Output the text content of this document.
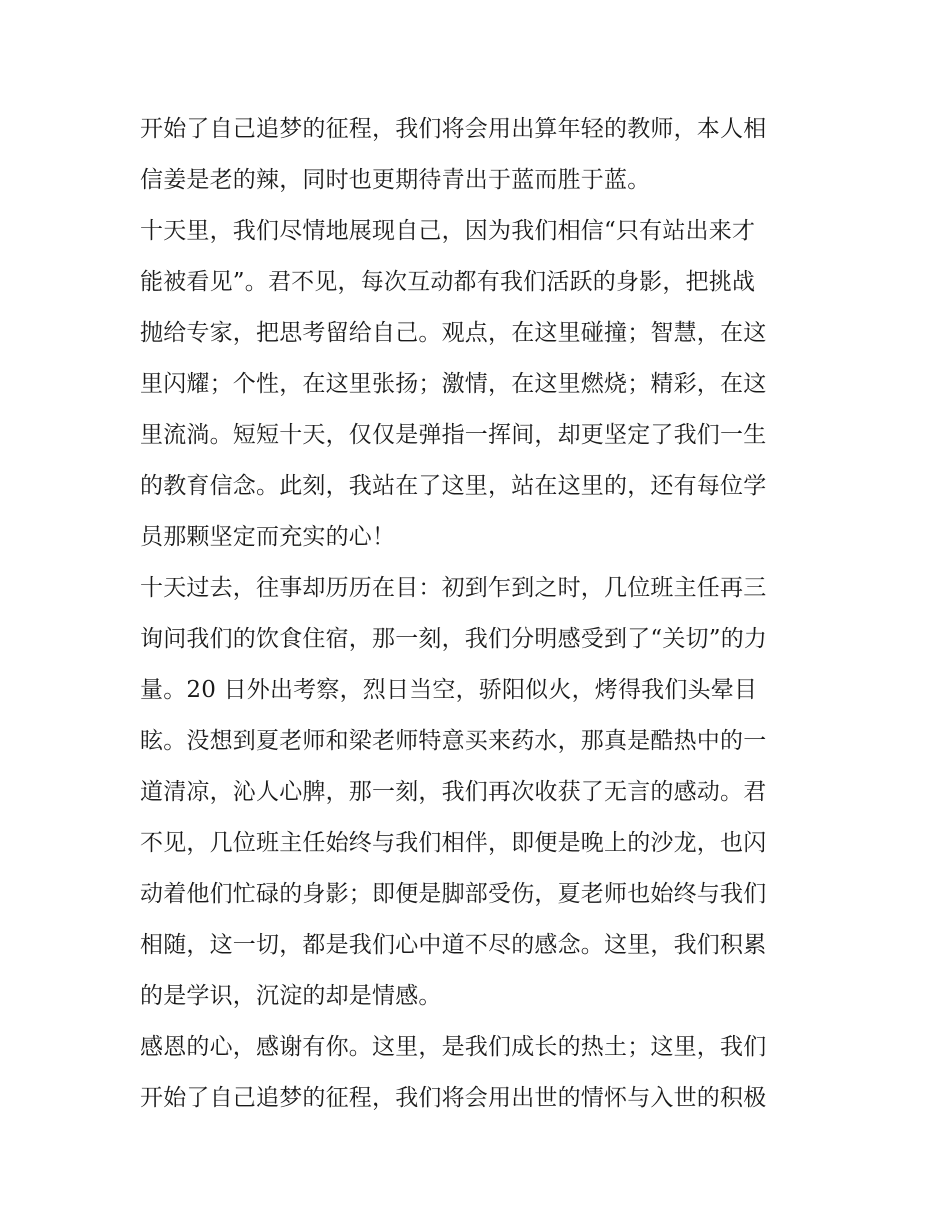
开始了自己追梦的征程，我们将会用出算年轻的教师，本人相
信姜是老的辣，同时也更期待青出于蓝而胜于蓝。

十天里，我们尽情地展现自己，因为我们相信“只有站出来才
能被看见”。君不见，每次互动都有我们活跃的身影，把挑战
抛给专家，把思考留给自己。观点，在这里碰撞；智慧，在这
里闪耀；个性，在这里张扬；激情，在这里燃烧；精彩，在这
里流淌。短短十天，仅仅是弹指一挥间，却更坚定了我们一生
的教育信念。此刻，我站在了这里，站在这里的，还有每位学
员那颗坚定而充实的心！

十天过去，往事却历历在目：初到乍到之时，几位班主任再三
询问我们的饮食住宿，那一刻，我们分明感受到了“关切”的力
量。20 日外出考察，烈日当空，骄阳似火，烤得我们头晕目
眩。没想到夏老师和梁老师特意买来药水，那真是酷热中的一
道清凉，沁人心脾，那一刻，我们再次收获了无言的感动。君
不见，几位班主任始终与我们相伴，即便是晚上的沙龙，也闪
动着他们忙碌的身影；即便是脚部受伤，夏老师也始终与我们
相随，这一切，都是我们心中道不尽的感念。这里，我们积累
的是学识，沉淀的却是情感。

感恩的心，感谢有你。这里，是我们成长的热土；这里，我们
开始了自己追梦的征程，我们将会用出世的情怀与入世的积极
